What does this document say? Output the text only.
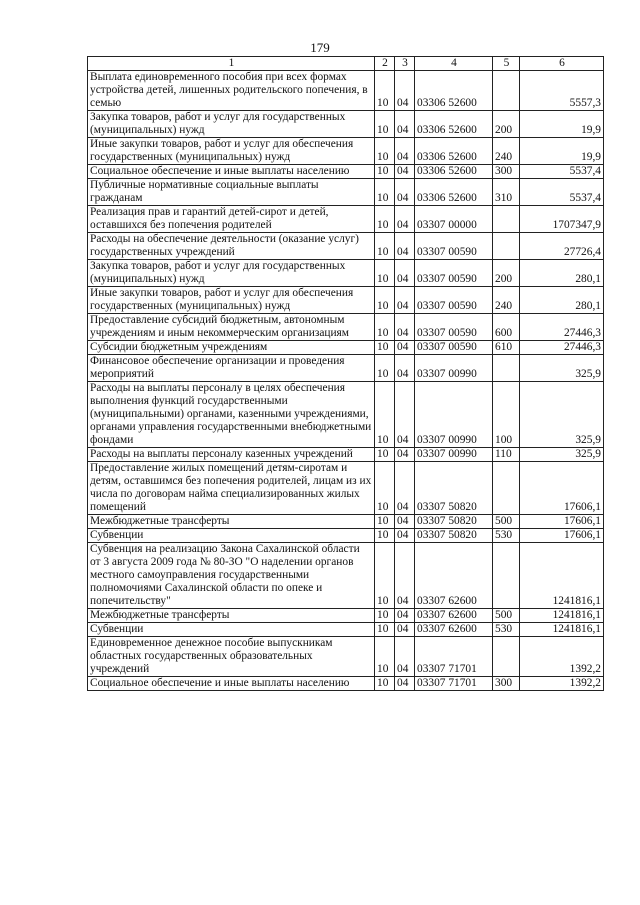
179
1	2	3	4	5	6
Выплата единовременного пособия при всех формах устройства детей, лишенных родительского попечения, в семью	10	04	03306 52600		5557,3
Закупка товаров, работ и услуг для государственных (муниципальных) нужд	10	04	03306 52600	200	19,9
Иные закупки товаров, работ и услуг для обеспечения государственных (муниципальных) нужд	10	04	03306 52600	240	19,9
Социальное обеспечение и иные выплаты населению	10	04	03306 52600	300	5537,4
Публичные нормативные социальные выплаты гражданам	10	04	03306 52600	310	5537,4
Реализация прав и гарантий детей-сирот и детей, оставшихся без попечения родителей	10	04	03307 00000		1707347,9
Расходы на обеспечение деятельности (оказание услуг) государственных учреждений	10	04	03307 00590		27726,4
Закупка товаров, работ и услуг для государственных (муниципальных) нужд	10	04	03307 00590	200	280,1
Иные закупки товаров, работ и услуг для обеспечения государственных (муниципальных) нужд	10	04	03307 00590	240	280,1
Предоставление субсидий бюджетным, автономным учреждениям и иным некоммерческим организациям	10	04	03307 00590	600	27446,3
Субсидии бюджетным учреждениям	10	04	03307 00590	610	27446,3
Финансовое обеспечение организации и проведения мероприятий	10	04	03307 00990		325,9
Расходы на выплаты персоналу в целях обеспечения выполнения функций государственными (муниципальными) органами, казенными учреждениями, органами управления государственными внебюджетными фондами	10	04	03307 00990	100	325,9
Расходы на выплаты персоналу казенных учреждений	10	04	03307 00990	110	325,9
Предоставление жилых помещений детям-сиротам и детям, оставшимся без попечения родителей, лицам из их числа по договорам найма специализированных жилых помещений	10	04	03307 50820		17606,1
Межбюджетные трансферты	10	04	03307 50820	500	17606,1
Субвенции	10	04	03307 50820	530	17606,1
Субвенция на реализацию Закона Сахалинской области от 3 августа 2009 года № 80-ЗО "О наделении органов местного самоуправления государственными полномочиями Сахалинской области по опеке и попечительству"	10	04	03307 62600		1241816,1
Межбюджетные трансферты	10	04	03307 62600	500	1241816,1
Субвенции	10	04	03307 62600	530	1241816,1
Единовременное денежное пособие выпускникам областных государственных образовательных учреждений	10	04	03307 71701		1392,2
Социальное обеспечение и иные выплаты населению	10	04	03307 71701	300	1392,2
